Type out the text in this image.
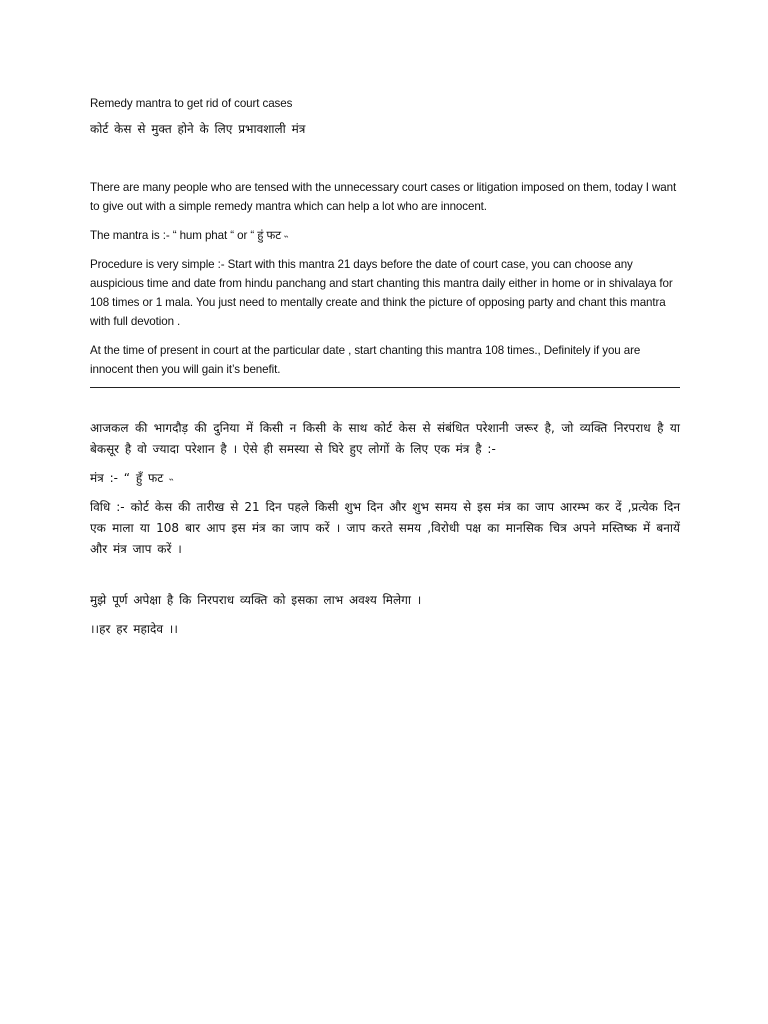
Remedy mantra to get rid of court cases

कोर्ट केस से मुक्त होने के लिए प्रभावशाली मंत्र

There are many people who are tensed with the unnecessary court cases or litigation imposed on them, today I want to give out with a simple remedy mantra which can help a lot who are innocent.

The mantra is :- “ hum phat “ or “ हुं फट ˵

Procedure is very simple :- Start with this mantra 21 days before the date of court case, you can choose any auspicious time and date from hindu panchang and start chanting this mantra daily either in home or in shivalaya for 108 times or 1 mala. You just need to mentally create and think the picture of opposing party and chant this mantra with full devotion .

At the time of present in court at the particular date , start chanting this mantra 108 times., Definitely if you are innocent then you will gain it’s benefit.

आजकल की भागदौड़ की दुनिया में किसी न किसी के साथ कोर्ट केस से संबंधित परेशानी जरूर है, जो व्यक्ति निरपराध है या बेकसूर है वो ज्यादा परेशान है । ऐसे ही समस्या से घिरे हुए लोगों के लिए एक मंत्र है :-

मंत्र :- “ हुँ फट ˵

विधि :- कोर्ट केस की तारीख से 21 दिन पहले किसी शुभ दिन और शुभ समय से इस मंत्र का जाप आरम्भ कर दें ,प्रत्येक दिन एक माला या 108 बार आप इस मंत्र का जाप करें । जाप करते समय ,विरोधी पक्ष का मानसिक चित्र अपने मस्तिष्क में बनायें और मंत्र जाप करें ।

मुझे पूर्ण अपेक्षा है कि निरपराध व्यक्ति को इसका लाभ अवश्य मिलेगा ।

।।हर हर महादेव ।।
